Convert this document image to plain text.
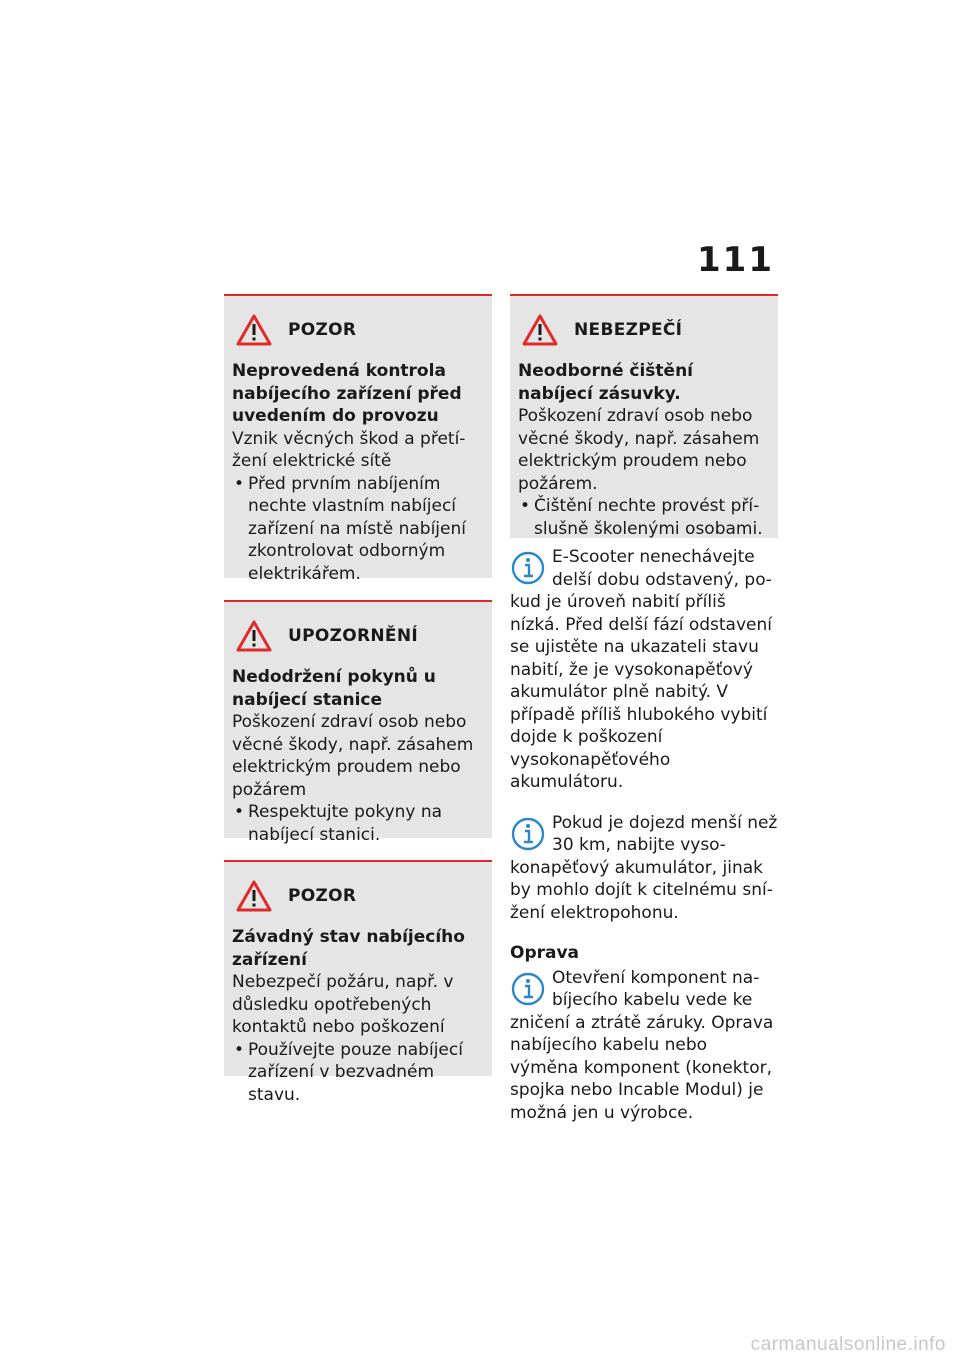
111
POZOR
Neprovedená kontrola nabíjecího zařízení před uvedením do provozu
Vznik věcných škod a přetížení elektrické sítě
• Před prvním nabíjením nechte vlastním nabíjecí zařízení na místě nabíjení zkontrolovat odborným elektrikářem.
UPOZORNĚNÍ
Nedodržení pokynů u nabíjecí stanice
Poškození zdraví osob nebo věcné škody, např. zásahem elektrickým proudem nebo požárem
• Respektujte pokyny na nabíjecí stanici.
POZOR
Závadný stav nabíjecího zařízení
Nebezpečí požáru, např. v důsledku opotřebených kontaktů nebo poškození
• Používejte pouze nabíjecí zařízení v bezvadném stavu.
NEBEZPEČÍ
Neodborné čištění nabíjecí zásuvky.
Poškození zdraví osob nebo věcné škody, např. zásahem elektrickým proudem nebo požárem.
• Čištění nechte provést příslušně školenými osobami.
E-Scooter nenechávejte delší dobu odstavený, pokud je úroveň nabití příliš nízká. Před delší fází odstavení se ujistěte na ukazateli stavu nabití, že je vysokonapěťový akumulátor plně nabitý. V případě příliš hlubokého vybití dojde k poškození vysokonapěťového akumulátoru.
Pokud je dojezd menší než 30 km, nabijte vysokonapěťový akumulátor, jinak by mohlo dojít k citelnému snížení elektropohonu.
Oprava
Otevření komponent nabíjecího kabelu vede ke zničení a ztrátě záruky. Oprava nabíjecího kabelu nebo výměna komponent (konektor, spojka nebo Incable Modul) je možná jen u výrobce.
carmanualsonline.info
